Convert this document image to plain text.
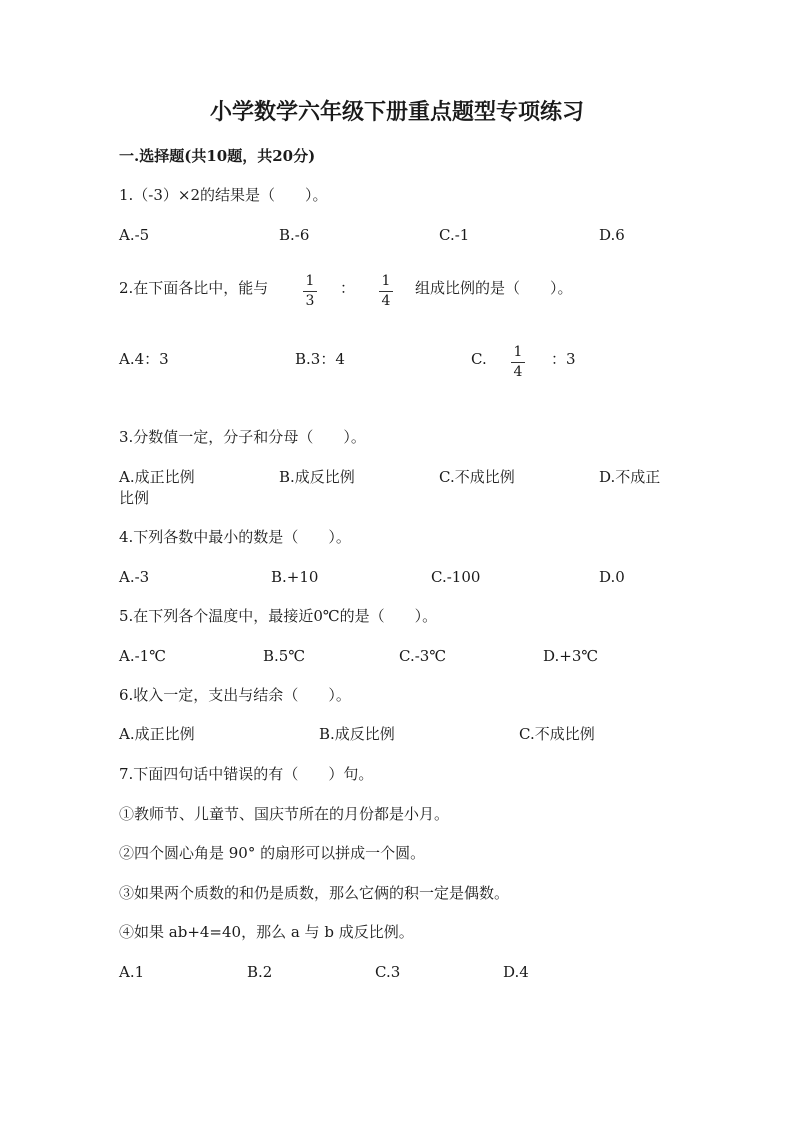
小学数学六年级下册重点题型专项练习
一.选择题(共10题，共20分)
1.（-3）×2的结果是（　　）。
A.-5	B.-6	C.-1	D.6
2.在下面各比中，能与	1
3
： 1
4
组成比例的是（　　）。
A.4：3	B.3：4	C. 1
4
：3
3.分数值一定，分子和分母（　　）。
A.成正比例	B.成反比例	C.不成比例	D.不成正
比例
4.下列各数中最小的数是（　　）。
A.-3	B.+10	C.-100	D.0
5.在下列各个温度中，最接近0℃的是（　　）。
A.-1℃	B.5℃	C.-3℃	D.+3℃
6.收入一定，支出与结余（　　）。
A.成正比例	B.成反比例	C.不成比例
7.下面四句话中错误的有（　　）句。
①教师节、儿童节、国庆节所在的月份都是小月。
②四个圆心角是 90° 的扇形可以拼成一个圆。
③如果两个质数的和仍是质数，那么它俩的积一定是偶数。
④如果 ab+4=40，那么 a 与 b 成反比例。
A.1	B.2	C.3	D.4
